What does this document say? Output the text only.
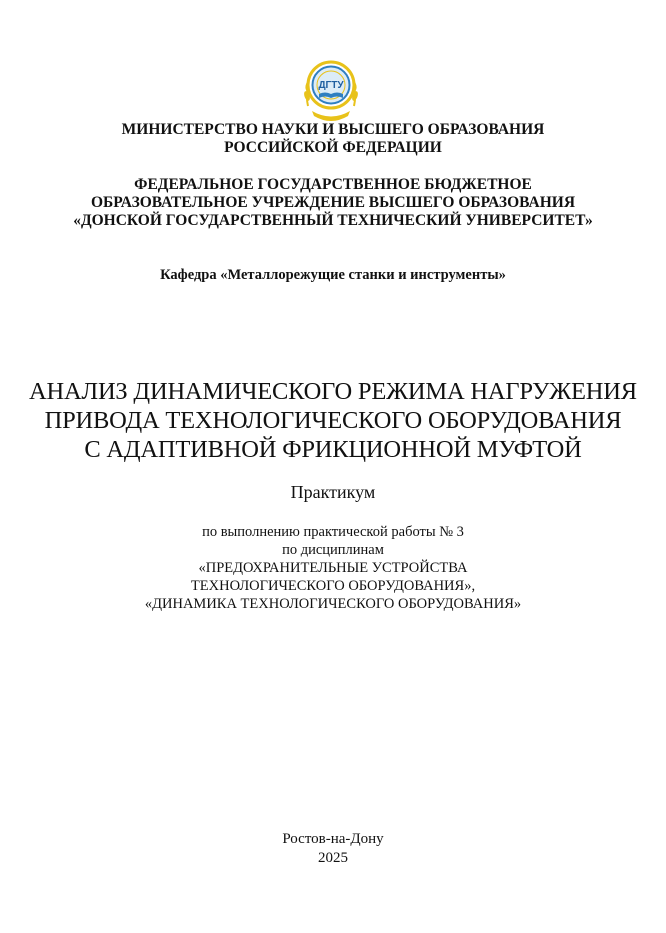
ДГТУ
МИНИСТЕРСТВО НАУКИ И ВЫСШЕГО ОБРАЗОВАНИЯ
РОССИЙСКОЙ ФЕДЕРАЦИИ
ФЕДЕРАЛЬНОЕ ГОСУДАРСТВЕННОЕ БЮДЖЕТНОЕ
ОБРАЗОВАТЕЛЬНОЕ УЧРЕЖДЕНИЕ ВЫСШЕГО ОБРАЗОВАНИЯ
«ДОНСКОЙ ГОСУДАРСТВЕННЫЙ ТЕХНИЧЕСКИЙ УНИВЕРСИТЕТ»
Кафедра «Металлорежущие станки и инструменты»
АНАЛИЗ ДИНАМИЧЕСКОГО РЕЖИМА НАГРУЖЕНИЯ
ПРИВОДА ТЕХНОЛОГИЧЕСКОГО ОБОРУДОВАНИЯ
С АДАПТИВНОЙ ФРИКЦИОННОЙ МУФТОЙ
Практикум
по выполнению практической работы № 3
по дисциплинам
«ПРЕДОХРАНИТЕЛЬНЫЕ УСТРОЙСТВА
ТЕХНОЛОГИЧЕСКОГО ОБОРУДОВАНИЯ»,
«ДИНАМИКА ТЕХНОЛОГИЧЕСКОГО ОБОРУДОВАНИЯ»
Ростов-на-Дону
2025
